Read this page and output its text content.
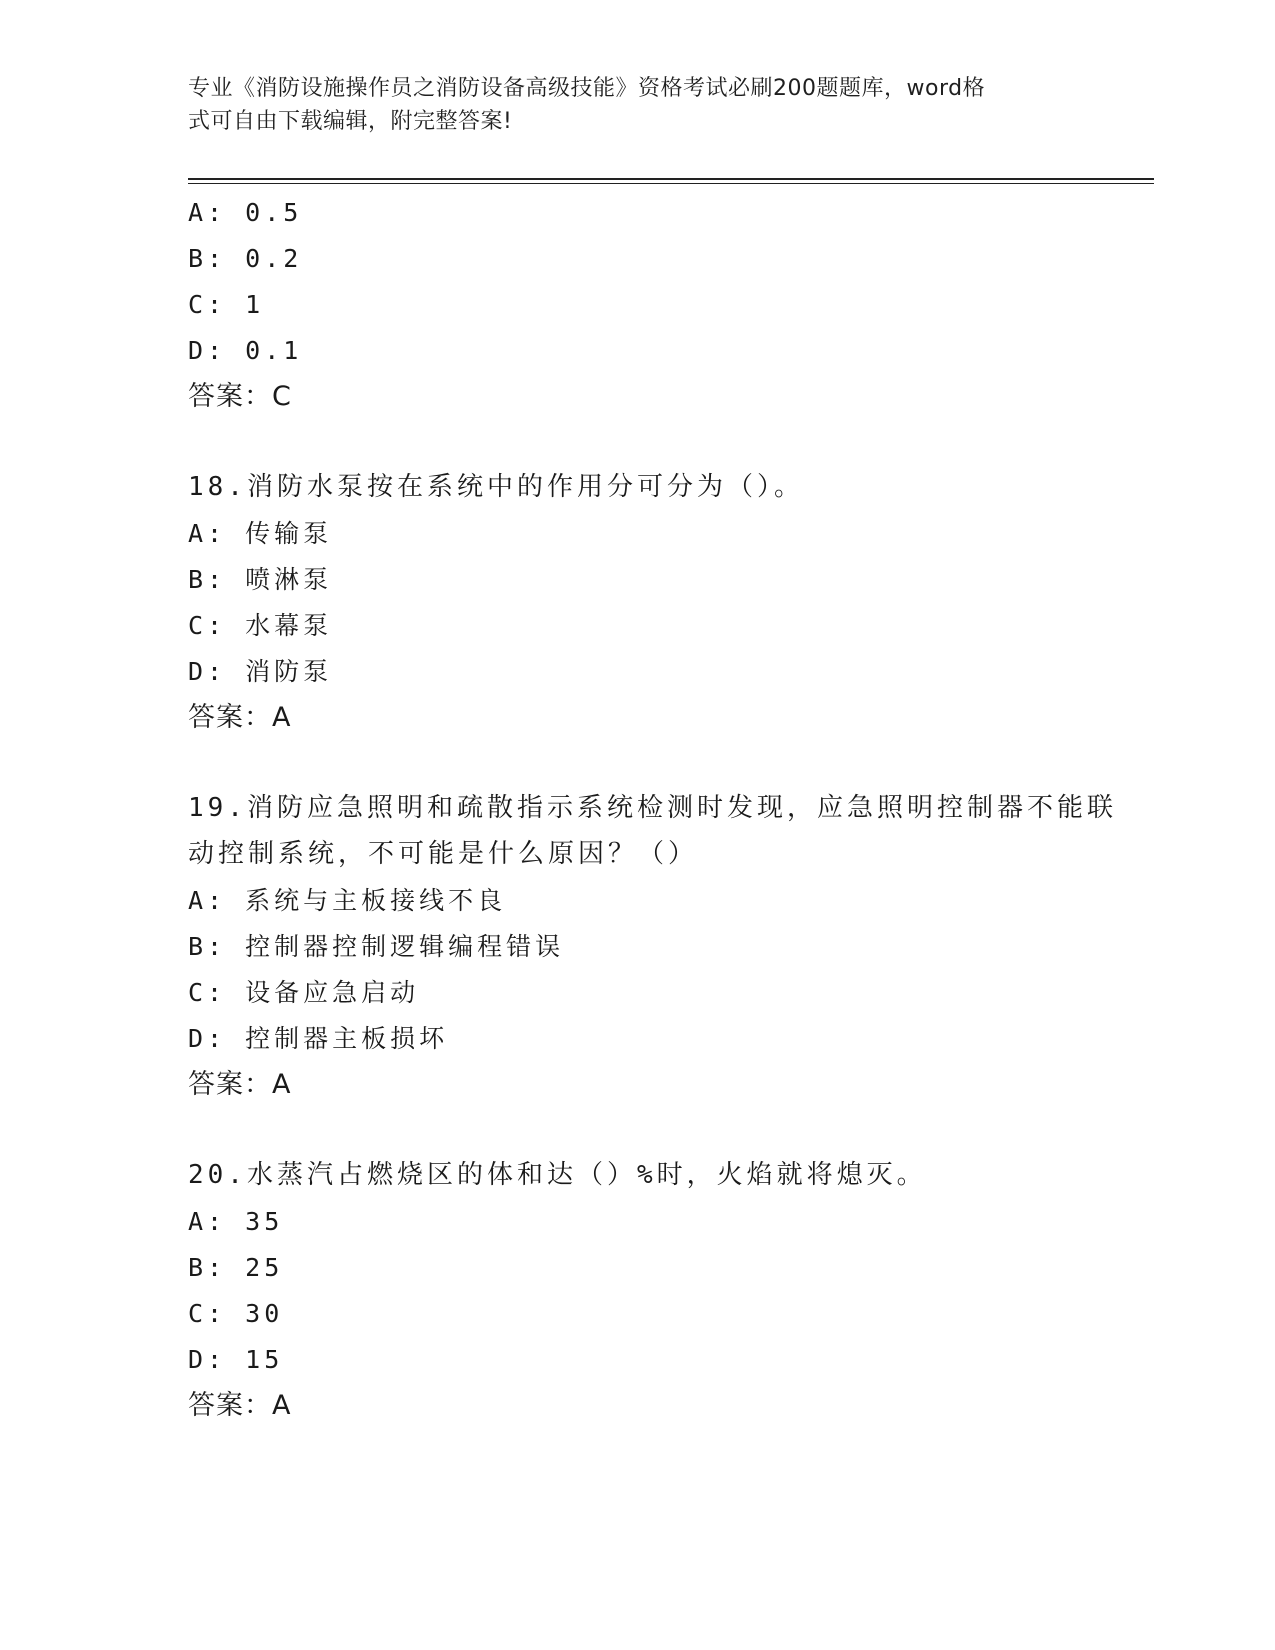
专业《消防设施操作员之消防设备高级技能》资格考试必刷200题题库，word格
式可自由下载编辑，附完整答案!
A: 0.5
B: 0.2
C: 1
D: 0.1
答案：C
18.消防水泵按在系统中的作用分可分为（）。
A: 传输泵
B: 喷淋泵
C: 水幕泵
D: 消防泵
答案：A
19.消防应急照明和疏散指示系统检测时发现，应急照明控制器不能联
动控制系统，不可能是什么原因？（）
A: 系统与主板接线不良
B: 控制器控制逻辑编程错误
C: 设备应急启动
D: 控制器主板损坏
答案：A
20.水蒸汽占燃烧区的体和达（）%时，火焰就将熄灭。
A: 35
B: 25
C: 30
D: 15
答案：A
